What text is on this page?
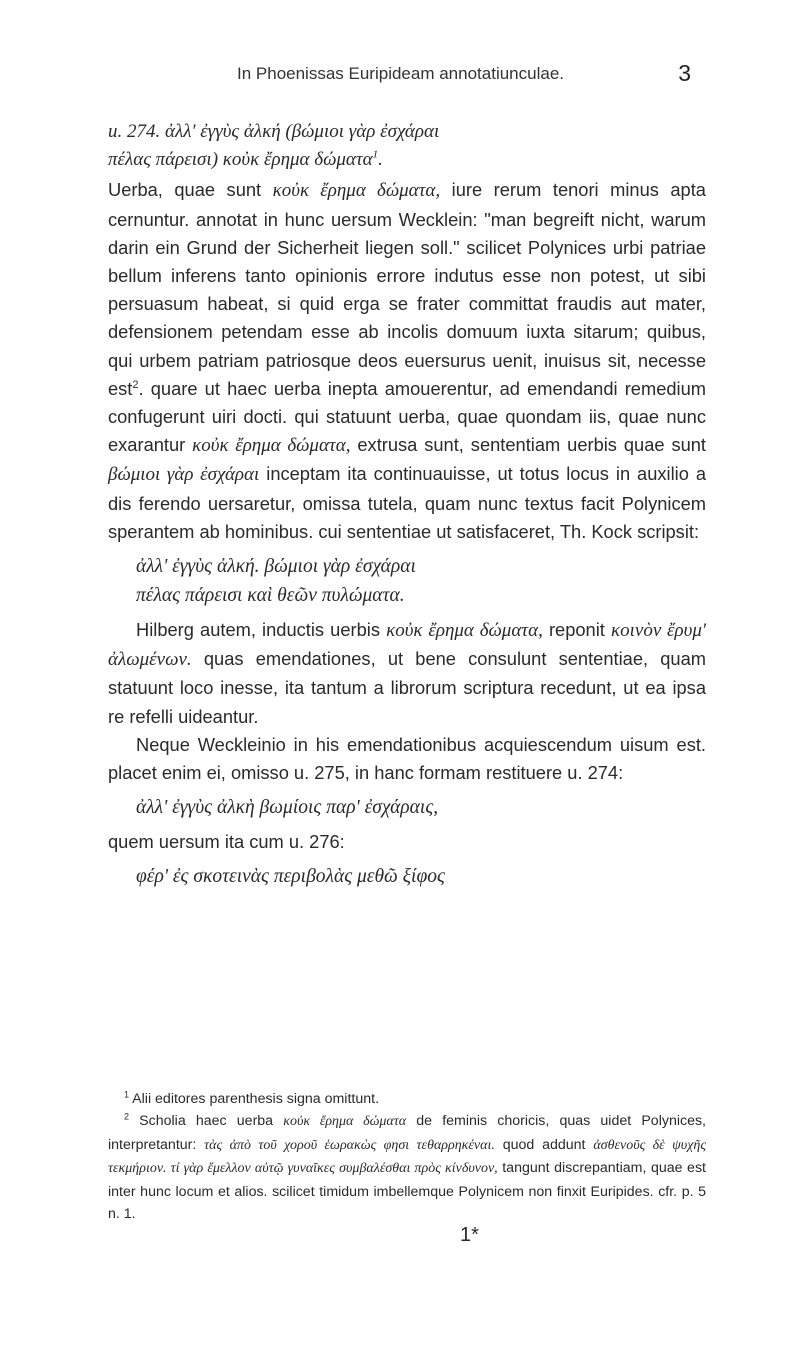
In Phoenissas Euripideam annotatiunculae.	3

u. 274. ἀλλ' ἐγγὺς ἀλκή (βώμιοι γὰρ ἐσχάραι

πέλας πάρεισι) κοὐκ ἔρημα δώματα$^1$.

Uerba, quae sunt κοὐκ ἔρημα δώματα, iure rerum tenori minus apta cernuntur. annotat in hunc uersum Wecklein: "man begreift nicht, warum darin ein Grund der Sicherheit liegen soll." scilicet Polynices urbi patriae bellum inferens tanto opinionis errore indutus esse non potest, ut sibi persuasum habeat, si quid erga se frater committat fraudis aut mater, defensionem petendam esse ab incolis domuum iuxta sitarum; quibus, qui urbem patriam patriosque deos euersurus uenit, inuisus sit, necesse est$^2$. quare ut haec uerba inepta amouerentur, ad emendandi remedium confugerunt uiri docti. qui statuunt uerba, quae quondam iis, quae nunc exarantur κοὐκ ἔρημα δώματα, extrusa sunt, sententiam uerbis quae sunt βώμιοι γὰρ ἐσχάραι inceptam ita continuauisse, ut totus locus in auxilio a dis ferendo uersaretur, omissa tutela, quam nunc textus facit Polynicem sperantem ab hominibus. cui sententiae ut satisfaceret, Th. Kock scripsit:

ἀλλ' ἐγγὺς ἀλκή. βώμιοι γὰρ ἐσχάραι
πέλας πάρεισι καὶ θεῶν πυλώματα.

Hilberg autem, inductis uerbis κοὐκ ἔρημα δώματα, reponit κοινὸν ἔρυμ' ἀλωμένων. quas emendationes, ut bene consulunt sententiae, quam statuunt loco inesse, ita tantum a librorum scriptura recedunt, ut ea ipsa re refelli uideantur.

Neque Weckleinio in his emendationibus acquiescendum uisum est. placet enim ei, omisso u. 275, in hanc formam restituere u. 274:

ἀλλ' ἐγγὺς ἀλκὴ βωμίοις παρ' ἐσχάραις,

quem uersum ita cum u. 276:

φέρ' ἐς σκοτεινὰς περιβολὰς μεθῶ ξίφος

$^1$ Alii editores parenthesis signa omittunt.

$^2$ Scholia haec uerba κοὐκ ἔρημα δώματα de feminis choricis, quas uidet Polynices, interpretantur: τὰς ἀπὸ τοῦ χοροῦ ἑωρακὼς φησι τεθαρρηκέναι. quod addunt ἀσθενοῦς δὲ ψυχῆς τεκμήριον. τί γὰρ ἔμελλον αὐτῷ γυναῖκες συμβαλέσθαι πρὸς κίνδυνον, tangunt discrepantiam, quae est inter hunc locum et alios. scilicet timidum imbellemque Polynicem non finxit Euripides. cfr. p. 5 n. 1.

1*
